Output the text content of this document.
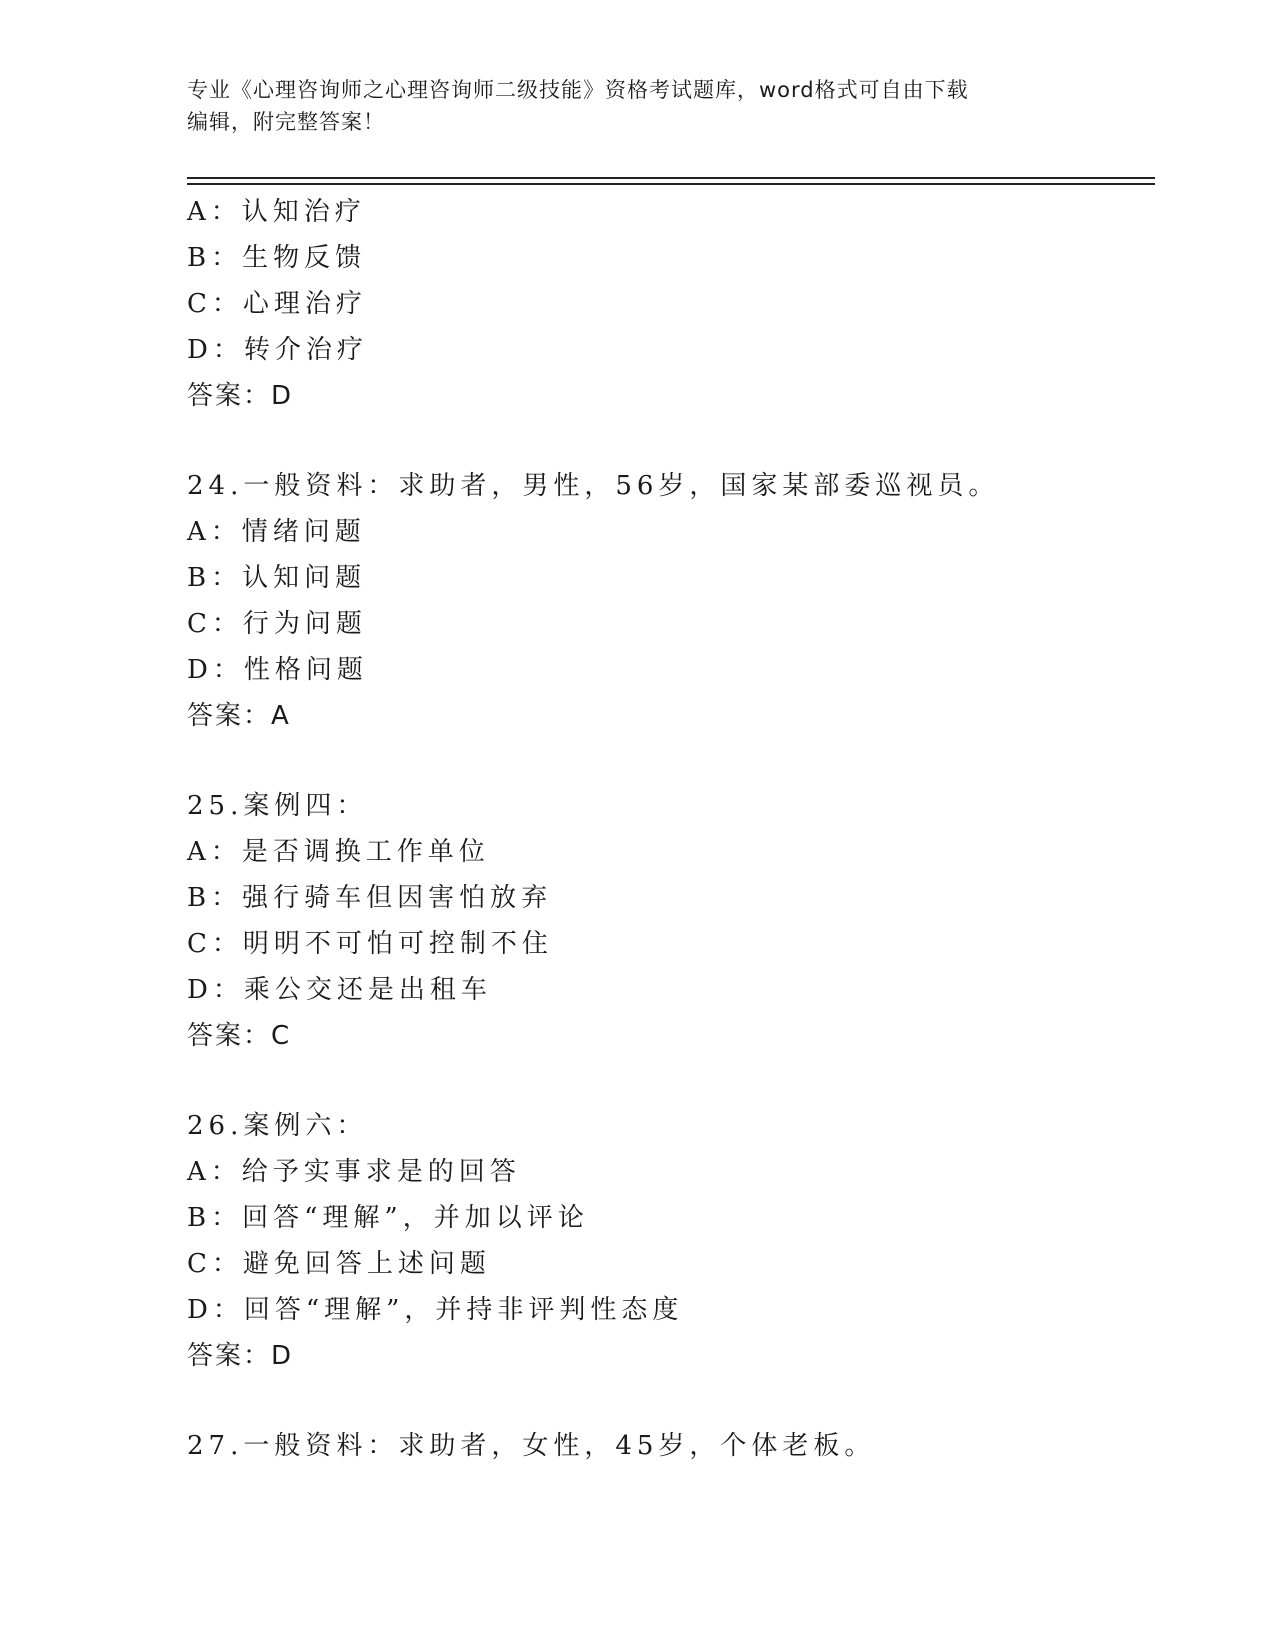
专业《心理咨询师之心理咨询师二级技能》资格考试题库，word格式可自由下载
编辑，附完整答案！
A：认知治疗
B：生物反馈
C：心理治疗
D：转介治疗
答案：D
24.一般资料：求助者，男性，56岁，国家某部委巡视员。
A：情绪问题
B：认知问题
C：行为问题
D：性格问题
答案：A
25.案例四：
A：是否调换工作单位
B：强行骑车但因害怕放弃
C：明明不可怕可控制不住
D：乘公交还是出租车
答案：C
26.案例六：
A：给予实事求是的回答
B：回答“理解”，并加以评论
C：避免回答上述问题
D：回答“理解”，并持非评判性态度
答案：D
27.一般资料：求助者，女性，45岁，个体老板。
